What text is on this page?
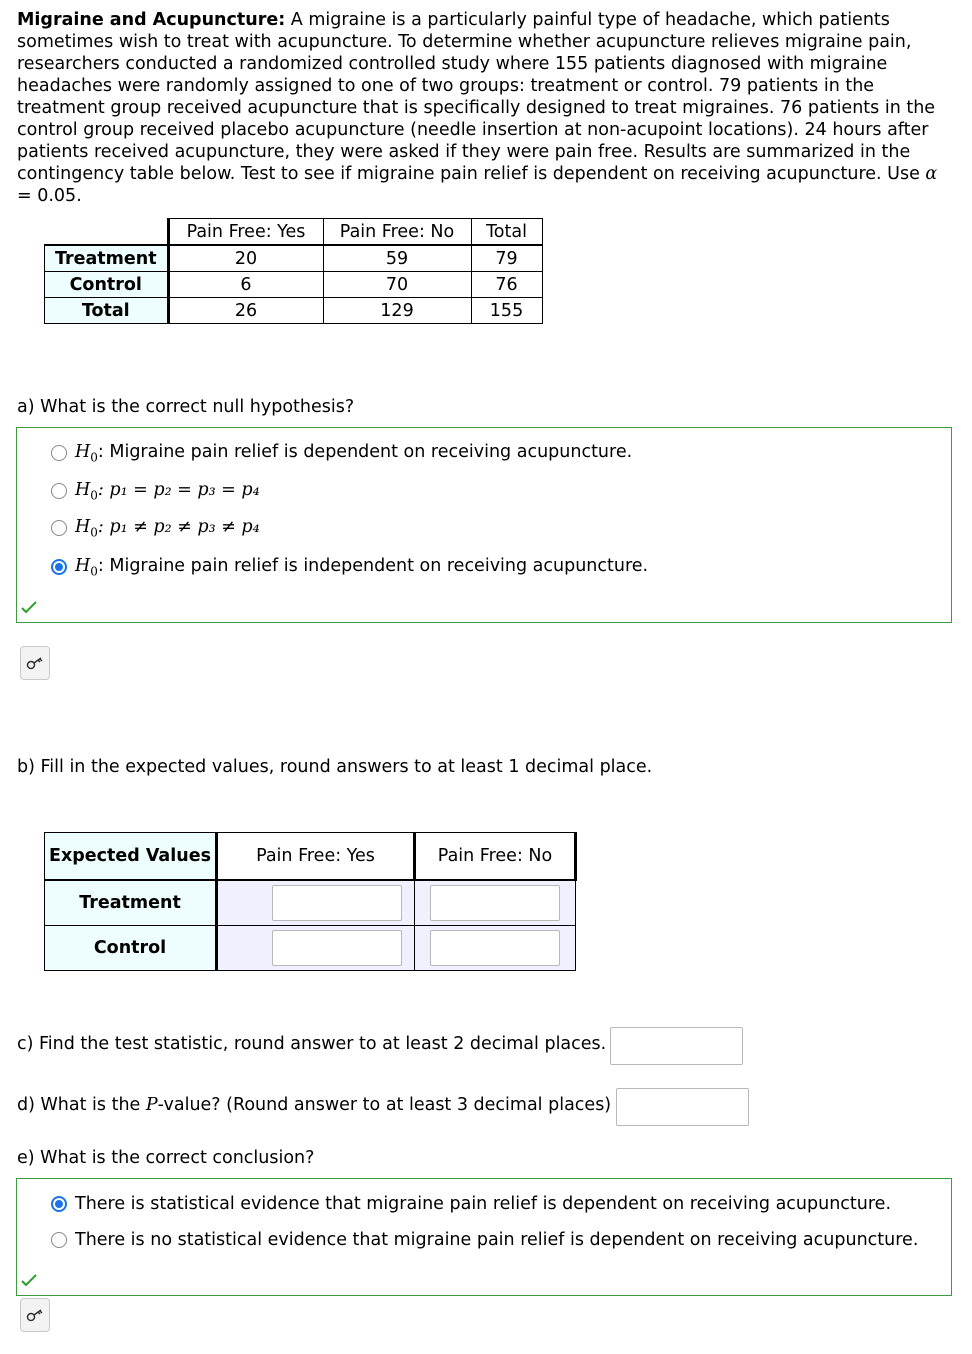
Migraine and Acupuncture: A migraine is a particularly painful type of headache, which patients sometimes wish to treat with acupuncture. To determine whether acupuncture relieves migraine pain, researchers conducted a randomized controlled study where 155 patients diagnosed with migraine headaches were randomly assigned to one of two groups: treatment or control. 79 patients in the treatment group received acupuncture that is specifically designed to treat migraines. 76 patients in the control group received placebo acupuncture (needle insertion at non-acupoint locations). 24 hours after patients received acupuncture, they were asked if they were pain free. Results are summarized in the contingency table below. Test to see if migraine pain relief is dependent on receiving acupuncture. Use α
= 0.05.
	Pain Free: Yes	Pain Free: No	Total
Treatment	20	59	79
Control	6	70	76
Total	26	129	155
a) What is the correct null hypothesis?
$H_0$: Migraine pain relief is dependent on receiving acupuncture.
$H_0$: p₁ = p₂ = p₃ = p₄
$H_0$: p₁ ≠ p₂ ≠ p₃ ≠ p₄
$H_0$: Migraine pain relief is independent on receiving acupuncture.
b) Fill in the expected values, round answers to at least 1 decimal place.
Expected Values	Pain Free: Yes	Pain Free: No
Treatment		
Control		
c) Find the test statistic, round answer to at least 2 decimal places.
d) What is the P-value? (Round answer to at least 3 decimal places)
e) What is the correct conclusion?
There is statistical evidence that migraine pain relief is dependent on receiving acupuncture.
There is no statistical evidence that migraine pain relief is dependent on receiving acupuncture.
